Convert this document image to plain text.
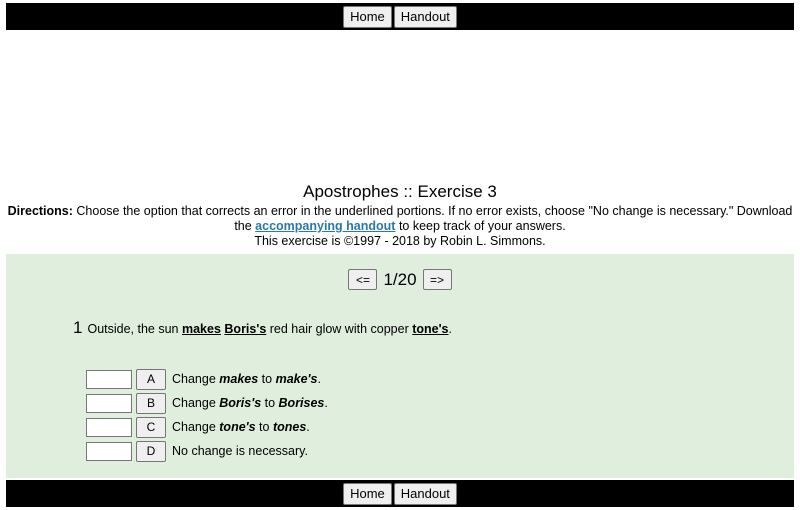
Home	Handout
Apostrophes :: Exercise 3
Directions: Choose the option that corrects an error in the underlined portions. If no error exists, choose "No change is necessary." Download the accompanying handout to keep track of your answers.
This exercise is ©1997 - 2018 by Robin L. Simmons.
<= 1/20	=>
1 Outside, the sun makes Boris's red hair glow with copper tone's.
A	Change makes to make's.
B	Change Boris's to Borises.
C	Change tone's to tones.
D	No change is necessary.
Home	Handout
